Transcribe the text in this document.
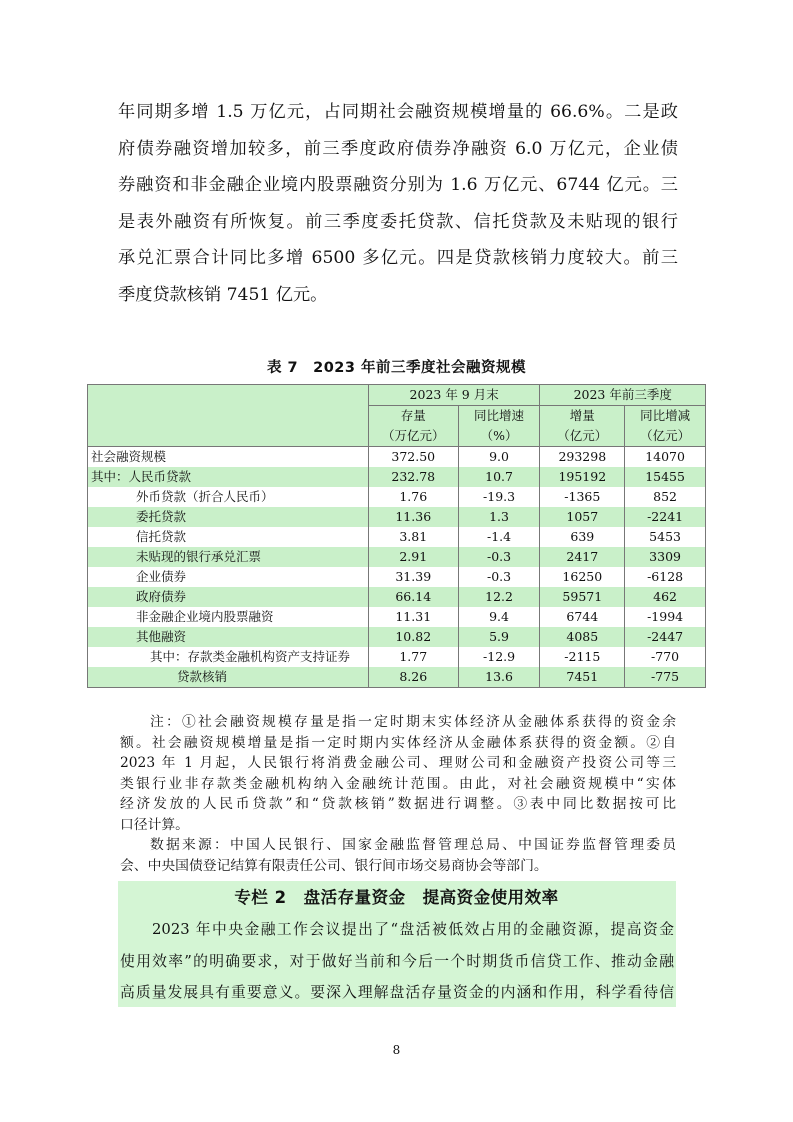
年同期多增 1.5 万亿元，占同期社会融资规模增量的 66.6%。二是政
府债券融资增加较多，前三季度政府债券净融资 6.0 万亿元，企业债
券融资和非金融企业境内股票融资分别为 1.6 万亿元、6744 亿元。三
是表外融资有所恢复。前三季度委托贷款、信托贷款及未贴现的银行
承兑汇票合计同比多增 6500 多亿元。四是贷款核销力度较大。前三
季度贷款核销 7451 亿元。
表 7　2023 年前三季度社会融资规模
	2023 年 9 月末		2023 年前三季度	
	存量	同比增速	增量	同比增减
	（万亿元）	（%）	（亿元）	（亿元）
社会融资规模	372.50	9.0	293298	14070
其中：人民币贷款	232.78	10.7	195192	15455
外币贷款（折合人民币）	1.76	-19.3	-1365	852
委托贷款	11.36	1.3	1057	-2241
信托贷款	3.81	-1.4	639	5453
未贴现的银行承兑汇票	2.91	-0.3	2417	3309
企业债券	31.39	-0.3	16250	-6128
政府债券	66.14	12.2	59571	462
非金融企业境内股票融资	11.31	9.4	6744	-1994
其他融资	10.82	5.9	4085	-2447
其中：存款类金融机构资产支持证券	1.77	-12.9	-2115	-770
贷款核销	8.26	13.6	7451	-775
注：①社会融资规模存量是指一定时期末实体经济从金融体系获得的资金余
额。社会融资规模增量是指一定时期内实体经济从金融体系获得的资金额。②自
2023 年 1 月起，人民银行将消费金融公司、理财公司和金融资产投资公司等三
类银行业非存款类金融机构纳入金融统计范围。由此，对社会融资规模中“实体
经济发放的人民币贷款”和“贷款核销”数据进行调整。③表中同比数据按可比
口径计算。
数据来源：中国人民银行、国家金融监督管理总局、中国证券监督管理委员
会、中央国债登记结算有限责任公司、银行间市场交易商协会等部门。
专栏 2　盘活存量资金　提高资金使用效率
2023 年中央金融工作会议提出了“盘活被低效占用的金融资源，提高资金
使用效率”的明确要求，对于做好当前和今后一个时期货币信贷工作、推动金融
高质量发展具有重要意义。要深入理解盘活存量资金的内涵和作用，科学看待信
8
